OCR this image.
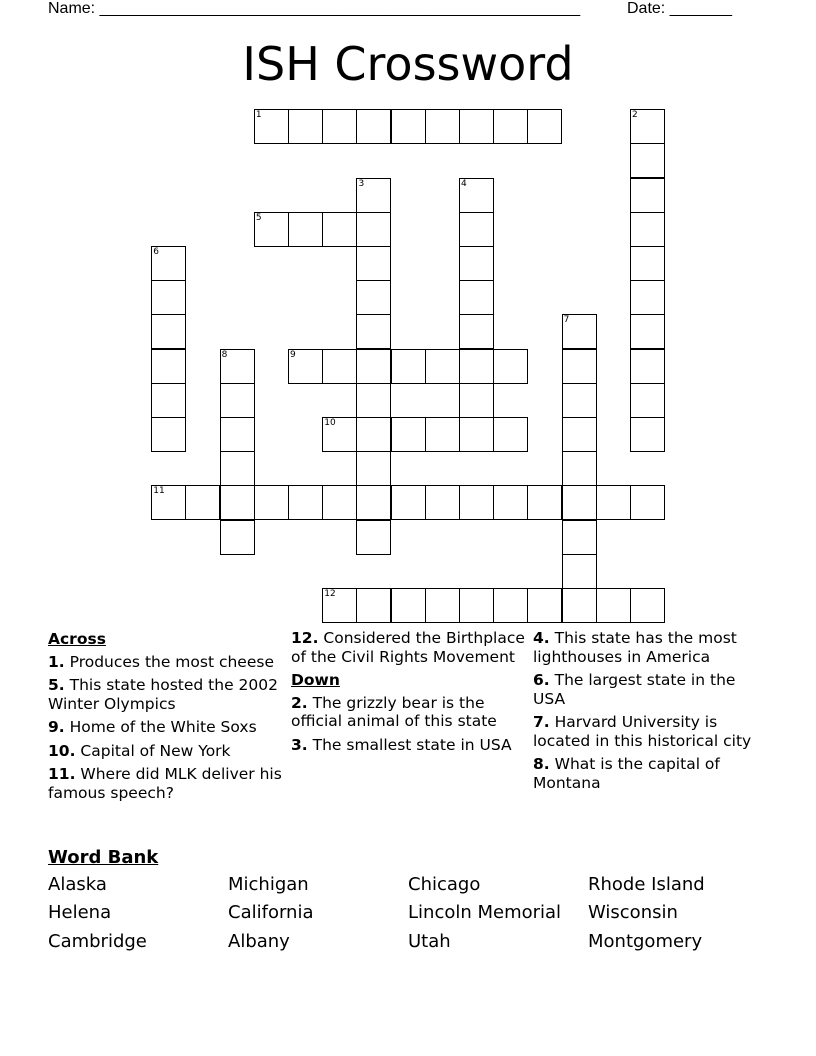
Name: ______________________________________________________	Date: _______
ISH Crossword
1	2
3	4
5
6
7
8	9
10
11
12
Across
1. Produces the most cheese
5. This state hosted the 2002 Winter Olympics
9. Home of the White Soxs
10. Capital of New York
11. Where did MLK deliver his famous speech?
12. Considered the Birthplace of the Civil Rights Movement
Down
2. The grizzly bear is the official animal of this state
3. The smallest state in USA
4. This state has the most lighthouses in America
6. The largest state in the USA
7. Harvard University is located in this historical city
8. What is the capital of Montana
Word Bank
Alaska	Michigan	Chicago	Rhode Island
Helena	California	Lincoln Memorial Wisconsin
Cambridge	Albany	Utah	Montgomery
